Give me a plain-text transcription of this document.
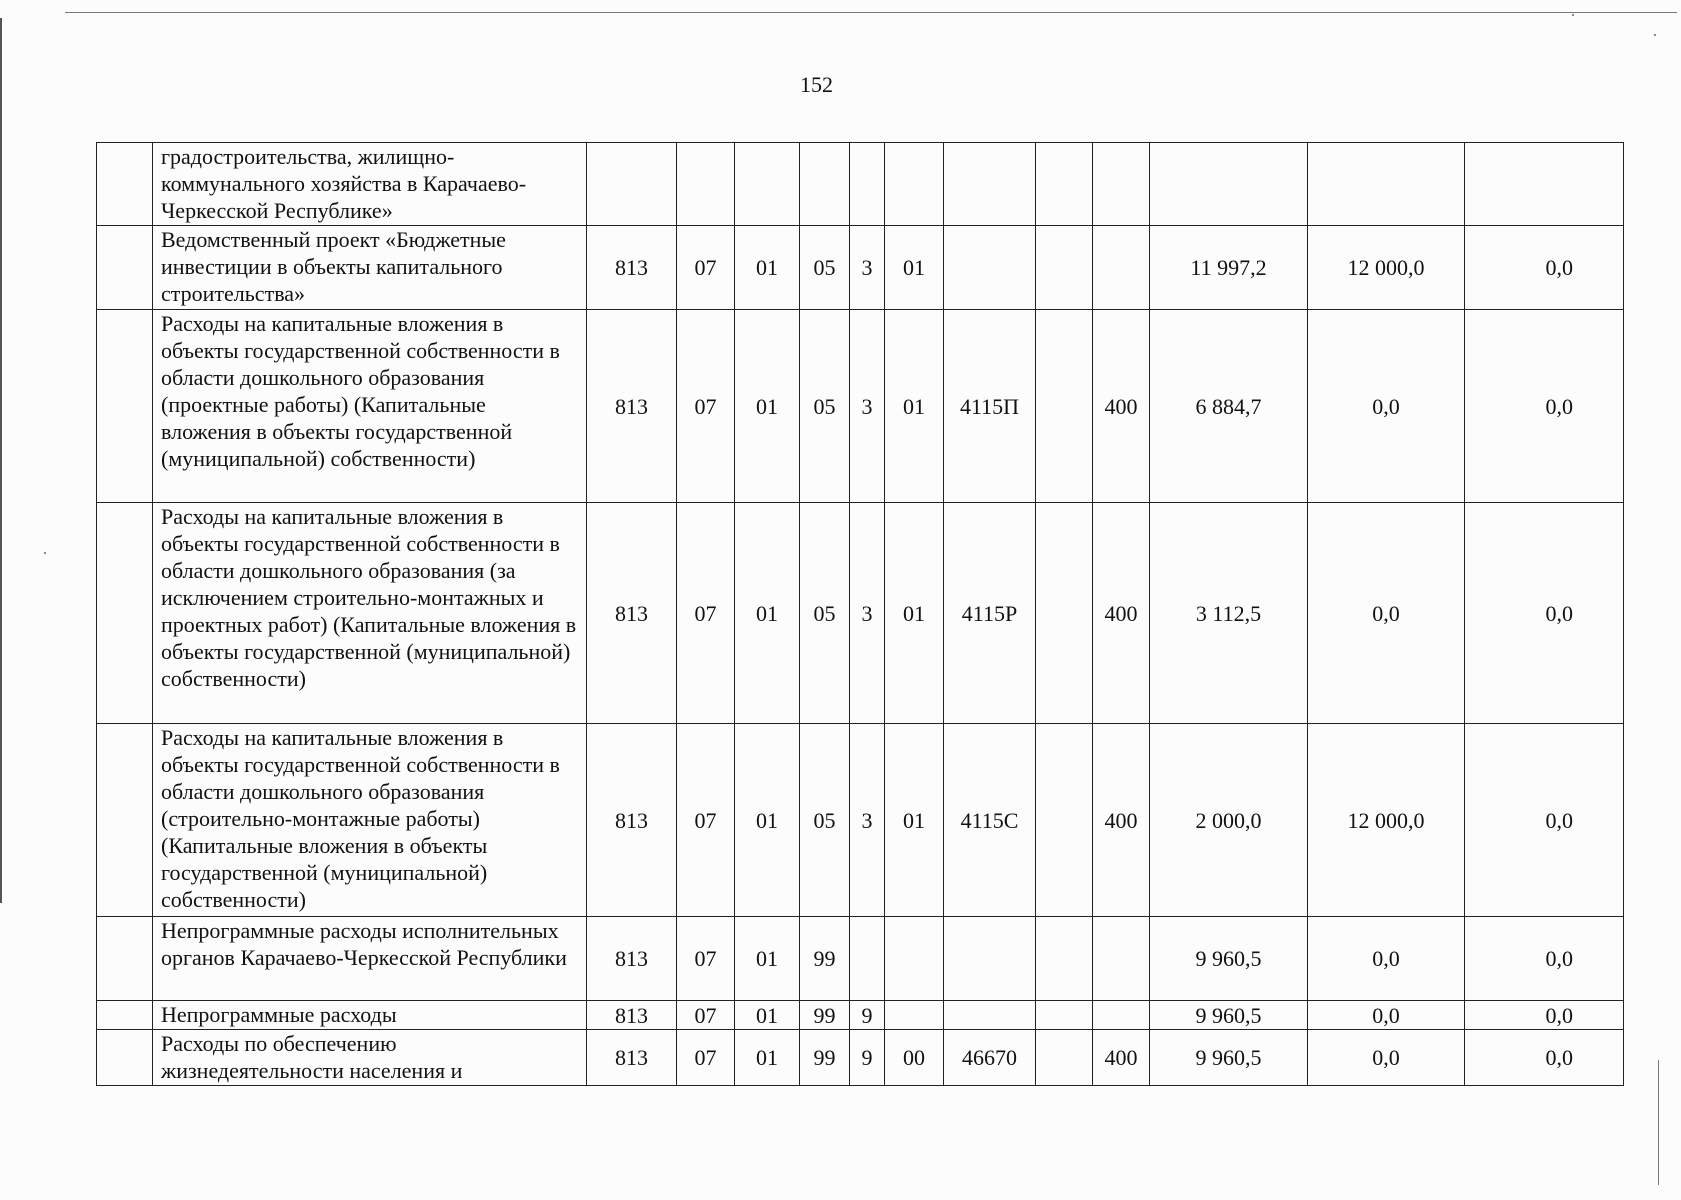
152
	градостроительства, жилищно-коммунального хозяйства в Карачаево-Черкесской Республике»												
	Ведомственный проект «Бюджетные инвестиции в объекты капитального строительства»	813	07	01	05	3	01				11 997,2	12 000,0	0,0
	Расходы на капитальные вложения в объекты государственной собственности в области дошкольного образования (проектные работы) (Капитальные вложения в объекты государственной (муниципальной) собственности)	813	07	01	05	3	01	4115П		400	6 884,7	0,0	0,0
	Расходы на капитальные вложения в объекты государственной собственности в области дошкольного образования (за исключением строительно-монтажных и проектных работ) (Капитальные вложения в объекты государственной (муниципальной) собственности)	813	07	01	05	3	01	4115Р		400	3 112,5	0,0	0,0
	Расходы на капитальные вложения в объекты государственной собственности в области дошкольного образования (строительно-монтажные работы) (Капитальные вложения в объекты государственной (муниципальной) собственности)	813	07	01	05	3	01	4115С		400	2 000,0	12 000,0	0,0
	Непрограммные расходы исполнительных органов Карачаево-Черкесской Республики	813	07	01	99						9 960,5	0,0	0,0
	Непрограммные расходы	813	07	01	99	9					9 960,5	0,0	0,0
	Расходы по обеспечению жизнедеятельности населения и	813	07	01	99	9	00	46670		400	9 960,5	0,0	0,0
